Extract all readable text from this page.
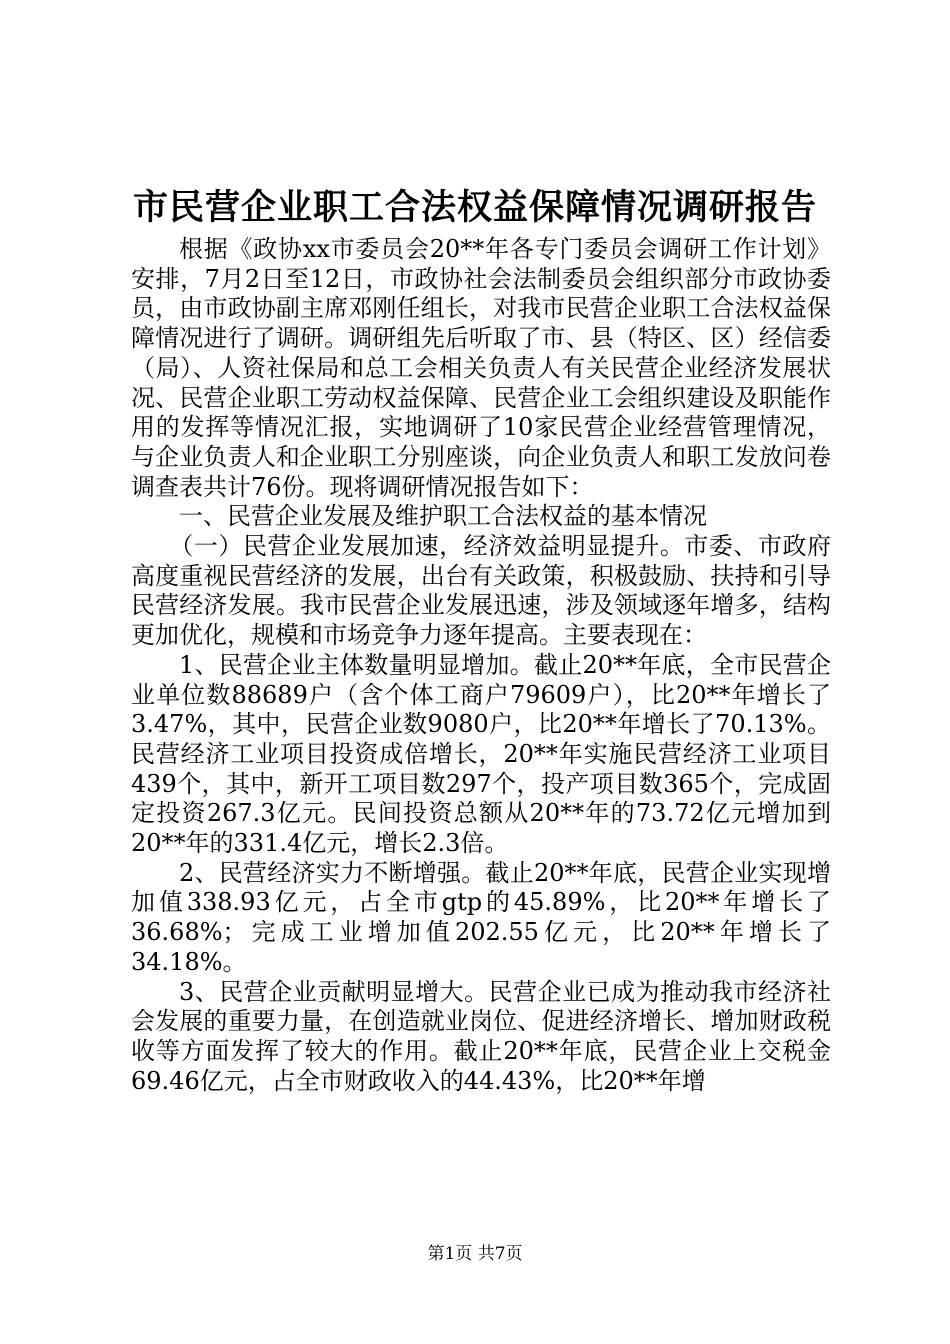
市民营企业职工合法权益保障情况调研报告

根据《政协xx市委员会20**年各专门委员会调研工作计划》安排，7月2日至12日，市政协社会法制委员会组织部分市政协委员，由市政协副主席邓刚任组长，对我市民营企业职工合法权益保障情况进行了调研。调研组先后听取了市、县（特区、区）经信委（局）、人资社保局和总工会相关负责人有关民营企业经济发展状况、民营企业职工劳动权益保障、民营企业工会组织建设及职能作用的发挥等情况汇报，实地调研了10家民营企业经营管理情况，与企业负责人和企业职工分别座谈，向企业负责人和职工发放问卷调查表共计76份。现将调研情况报告如下：

一、民营企业发展及维护职工合法权益的基本情况

（一）民营企业发展加速，经济效益明显提升。市委、市政府高度重视民营经济的发展，出台有关政策，积极鼓励、扶持和引导民营经济发展。我市民营企业发展迅速，涉及领域逐年增多，结构更加优化，规模和市场竞争力逐年提高。主要表现在：

1、民营企业主体数量明显增加。截止20**年底，全市民营企业单位数88689户（含个体工商户79609户），比20**年增长了3.47%，其中，民营企业数9080户，比20**年增长了70.13%。民营经济工业项目投资成倍增长，20**年实施民营经济工业项目439个，其中，新开工项目数297个，投产项目数365个，完成固定投资267.3亿元。民间投资总额从20**年的73.72亿元增加到20**年的331.4亿元，增长2.3倍。

2、民营经济实力不断增强。截止20**年底，民营企业实现增加值338.93亿元，占全市gtp的45.89%，比20**年增长了36.68%；完成工业增加值202.55亿元，比20**年增长了34.18%。

3、民营企业贡献明显增大。民营企业已成为推动我市经济社会发展的重要力量，在创造就业岗位、促进经济增长、增加财政税收等方面发挥了较大的作用。截止20**年底，民营企业上交税金69.46亿元，占全市财政收入的44.43%，比20**年增

第1页 共7页
